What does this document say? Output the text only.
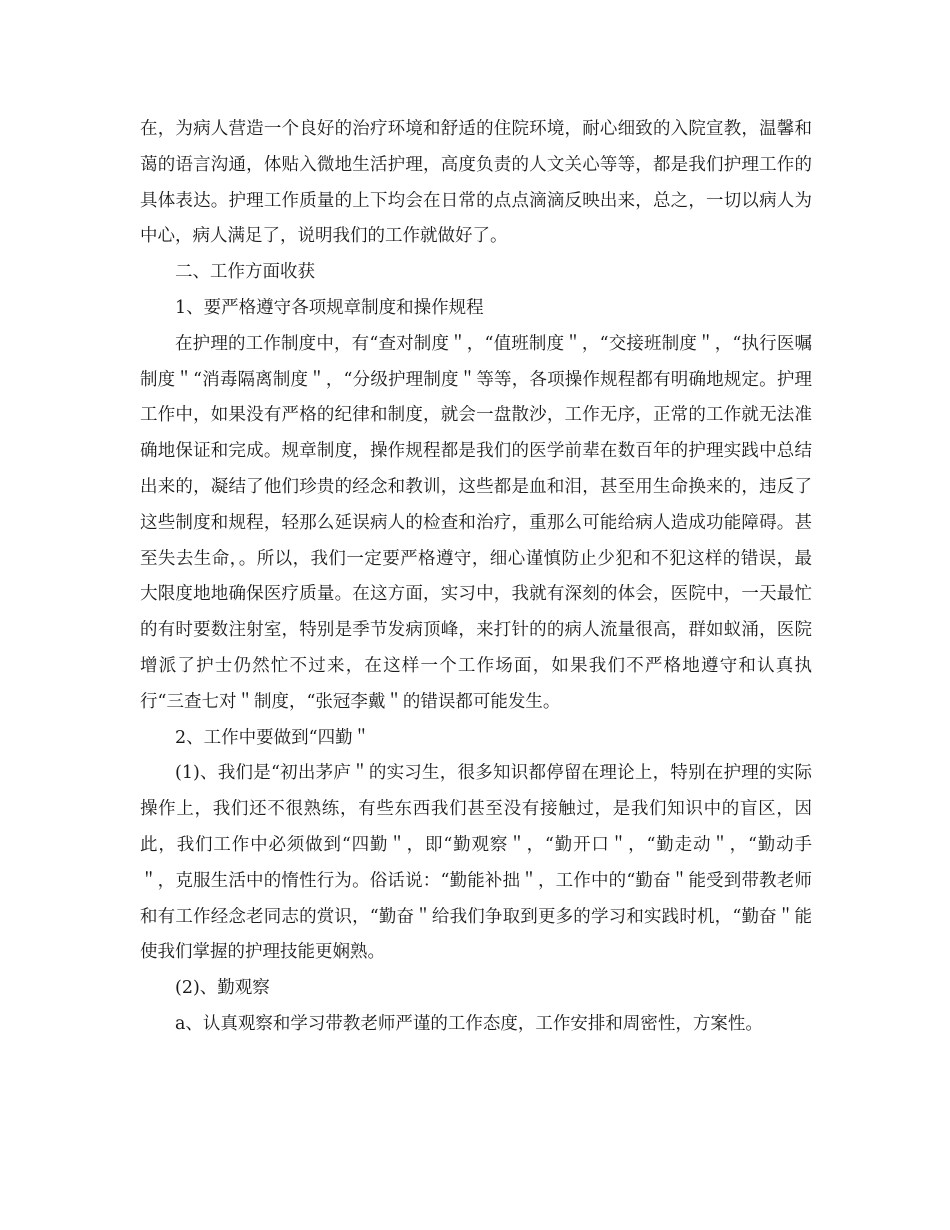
在，为病人营造一个良好的治疗环境和舒适的住院环境，耐心细致的入院宣教，温馨和蔼的语言沟通，体贴入微地生活护理，高度负责的人文关心等等，都是我们护理工作的具体表达。护理工作质量的上下均会在日常的点点滴滴反映出来，总之，一切以病人为中心，病人满足了，说明我们的工作就做好了。

二、工作方面收获

1、要严格遵守各项规章制度和操作规程

在护理的工作制度中，有“查对制度＂，“值班制度＂，“交接班制度＂，“执行医嘱制度＂“消毒隔离制度＂，“分级护理制度＂等等，各项操作规程都有明确地规定。护理工作中，如果没有严格的纪律和制度，就会一盘散沙，工作无序，正常的工作就无法准确地保证和完成。规章制度，操作规程都是我们的医学前辈在数百年的护理实践中总结出来的，凝结了他们珍贵的经念和教训，这些都是血和泪，甚至用生命换来的，违反了这些制度和规程，轻那么延误病人的检查和治疗，重那么可能给病人造成功能障碍。甚至失去生命，。所以，我们一定要严格遵守，细心谨慎防止少犯和不犯这样的错误，最大限度地地确保医疗质量。在这方面，实习中，我就有深刻的体会，医院中，一天最忙的有时要数注射室，特别是季节发病顶峰，来打针的的病人流量很高，群如蚁涌，医院增派了护士仍然忙不过来，在这样一个工作场面，如果我们不严格地遵守和认真执行“三查七对＂制度，“张冠李戴＂的错误都可能发生。

2、工作中要做到“四勤＂

(1)、我们是“初出茅庐＂的实习生，很多知识都停留在理论上，特别在护理的实际操作上，我们还不很熟练，有些东西我们甚至没有接触过，是我们知识中的盲区，因此，我们工作中必须做到“四勤＂，即“勤观察＂，“勤开口＂，“勤走动＂，“勤动手＂，克服生活中的惰性行为。俗话说：“勤能补拙＂，工作中的“勤奋＂能受到带教老师和有工作经念老同志的赏识，“勤奋＂给我们争取到更多的学习和实践时机，“勤奋＂能使我们掌握的护理技能更娴熟。

(2)、勤观察

a、认真观察和学习带教老师严谨的工作态度，工作安排和周密性，方案性。
